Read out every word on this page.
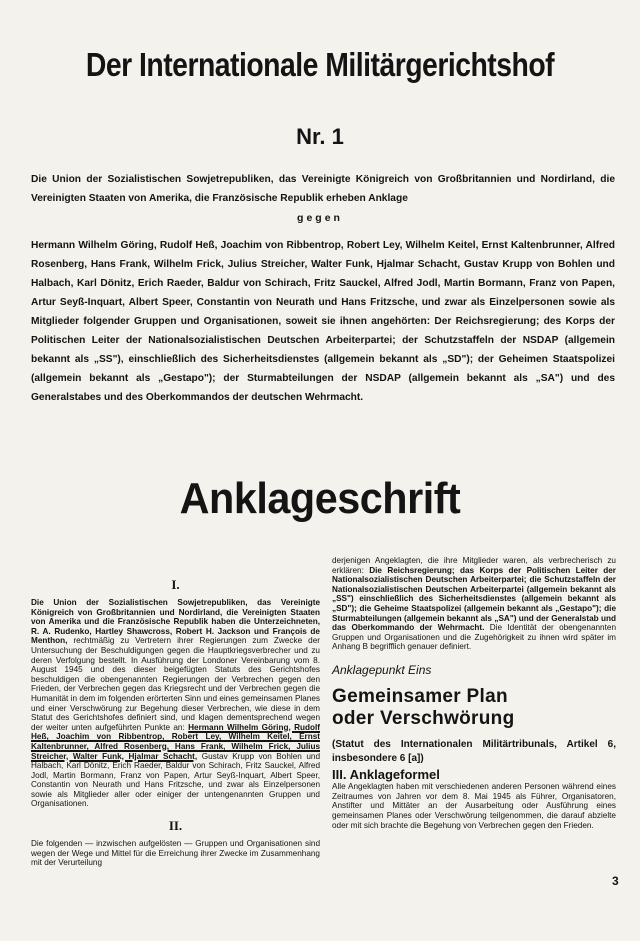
Der Internationale Militärgerichtshof
Nr. 1
Die Union der Sozialistischen Sowjetrepubliken, das Vereinigte Königreich von Großbritannien und Nordirland, die Vereinigten Staaten von Amerika, die Französische Republik erheben Anklage
gegen
Hermann Wilhelm Göring, Rudolf Heß, Joachim von Ribbentrop, Robert Ley, Wilhelm Keitel, Ernst Kaltenbrunner, Alfred Rosenberg, Hans Frank, Wilhelm Frick, Julius Streicher, Walter Funk, Hjalmar Schacht, Gustav Krupp von Bohlen und Halbach, Karl Dönitz, Erich Raeder, Baldur von Schirach, Fritz Sauckel, Alfred Jodl, Martin Bormann, Franz von Papen, Artur Seyß-Inquart, Albert Speer, Constantin von Neurath und Hans Fritzsche, und zwar als Einzelpersonen sowie als Mitglieder folgender Gruppen und Organisationen, soweit sie ihnen angehörten: Der Reichsregierung; des Korps der Politischen Leiter der Nationalsozialistischen Deutschen Arbeiterpartei; der Schutzstaffeln der NSDAP (allgemein bekannt als „SS"), einschließlich des Sicherheitsdienstes (allgemein bekannt als „SD"); der Geheimen Staatspolizei (allgemein bekannt als „Gestapo"); der Sturmabteilungen der NSDAP (allgemein bekannt als „SA") und des Generalstabes und des Oberkommandos der deutschen Wehrmacht.
Anklageschrift
I.
Die Union der Sozialistischen Sowjetrepubliken, das Vereinigte Königreich von Großbritannien und Nordirland, die Vereinigten Staaten von Amerika und die Französische Republik haben die Unterzeichneten, R. A. Rudenko, Hartley Shawcross, Robert H. Jackson und François de Menthon, rechtmäßig zu Vertretern ihrer Regierungen zum Zwecke der Untersuchung der Beschuldigungen gegen die Hauptkriegsverbrecher und zu deren Verfolgung bestellt. In Ausführung der Londoner Vereinbarung vom 8. August 1945 und des dieser beigefügten Statuts des Gerichtshofes beschuldigen die obengenannten Regierungen der Verbrechen gegen den Frieden, der Verbrechen gegen das Kriegsrecht und der Verbrechen gegen die Humanität in dem im folgenden erörterten Sinn und eines gemeinsamen Planes und einer Verschwörung zur Begehung dieser Verbrechen, wie diese in dem Statut des Gerichtshofes definiert sind, und klagen dementsprechend wegen der weiter unten aufgeführten Punkte an: Hermann Wilhelm Göring, Rudolf Heß, Joachim von Ribbentrop, Robert Ley, Wilhelm Keitel, Ernst Kaltenbrunner, Alfred Rosenberg, Hans Frank, Wilhelm Frick, Julius Streicher, Walter Funk, Hjalmar Schacht, Gustav Krupp von Bohlen und Halbach, Karl Dönitz, Erich Raeder, Baldur von Schirach, Fritz Sauckel, Alfred Jodl, Martin Bormann, Franz von Papen, Artur Seyß-Inquart, Albert Speer, Constantin von Neurath und Hans Fritzsche, und zwar als Einzelpersonen sowie als Mitglieder aller oder einiger der untengenannten Gruppen und Organisationen.
II.
Die folgenden — inzwischen aufgelösten — Gruppen und Organisationen sind wegen der Wege und Mittel für die Erreichung ihrer Zwecke im Zusammenhang mit der Verurteilung
derjenigen Angeklagten, die ihre Mitglieder waren, als verbrecherisch zu erklären: Die Reichsregierung; das Korps der Politischen Leiter der Nationalsozialistischen Deutschen Arbeiterpartei; die Schutzstaffeln der Nationalsozialistischen Deutschen Arbeiterpartei (allgemein bekannt als „SS") einschließlich des Sicherheitsdienstes (allgemein bekannt als „SD"); die Geheime Staatspolizei (allgemein bekannt als „Gestapo"); die Sturmabteilungen (allgemein bekannt als „SA") und der Generalstab und das Oberkommando der Wehrmacht. Die Identität der obengenannten Gruppen und Organisationen und die Zugehörigkeit zu ihnen wird später im Anhang B begrifflich genauer definiert.
Anklagepunkt Eins
Gemeinsamer Plan
oder Verschwörung
(Statut des Internationalen Militärtribunals, Artikel 6, insbesondere 6 [a])
III. Anklageformel
Alle Angeklagten haben mit verschiedenen anderen Personen während eines Zeitraumes von Jahren vor dem 8. Mai 1945 als Führer, Organisatoren, Anstifter und Mittäter an der Ausarbeitung oder Ausführung eines gemeinsamen Planes oder Verschwörung teilgenommen, die darauf abzielte oder mit sich brachte die Begehung von Verbrechen gegen den Frieden.
3
